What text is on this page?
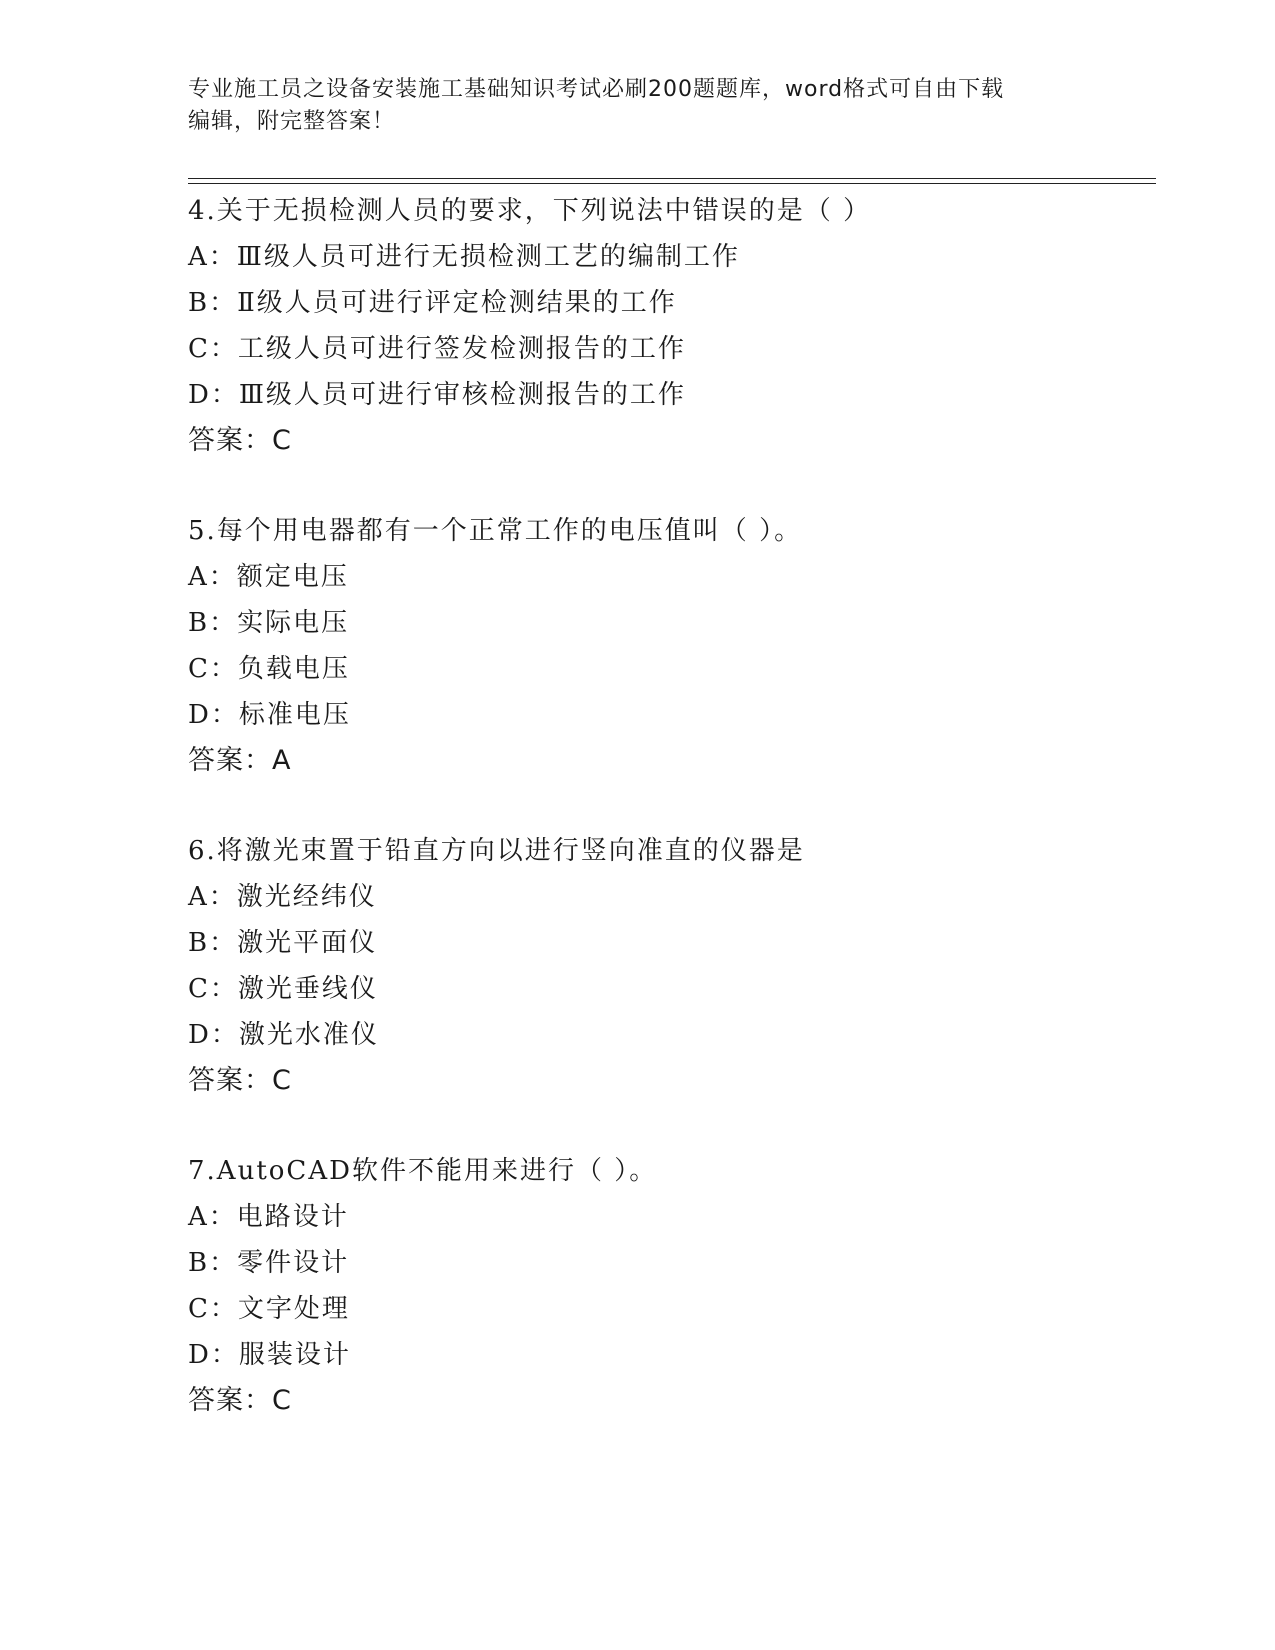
专业施工员之设备安装施工基础知识考试必刷200题题库，word格式可自由下载
编辑，附完整答案！
4.关于无损检测人员的要求，下列说法中错误的是（ ）
A：Ⅲ级人员可进行无损检测工艺的编制工作
B：Ⅱ级人员可进行评定检测结果的工作
C：工级人员可进行签发检测报告的工作
D：Ⅲ级人员可进行审核检测报告的工作
答案：C
5.每个用电器都有一个正常工作的电压值叫（ ）。
A：额定电压
B：实际电压
C：负载电压
D：标准电压
答案：A
6.将激光束置于铅直方向以进行竖向准直的仪器是
A：激光经纬仪
B：激光平面仪
C：激光垂线仪
D：激光水准仪
答案：C
7.AutoCAD软件不能用来进行（ ）。
A：电路设计
B：零件设计
C：文字处理
D：服装设计
答案：C
